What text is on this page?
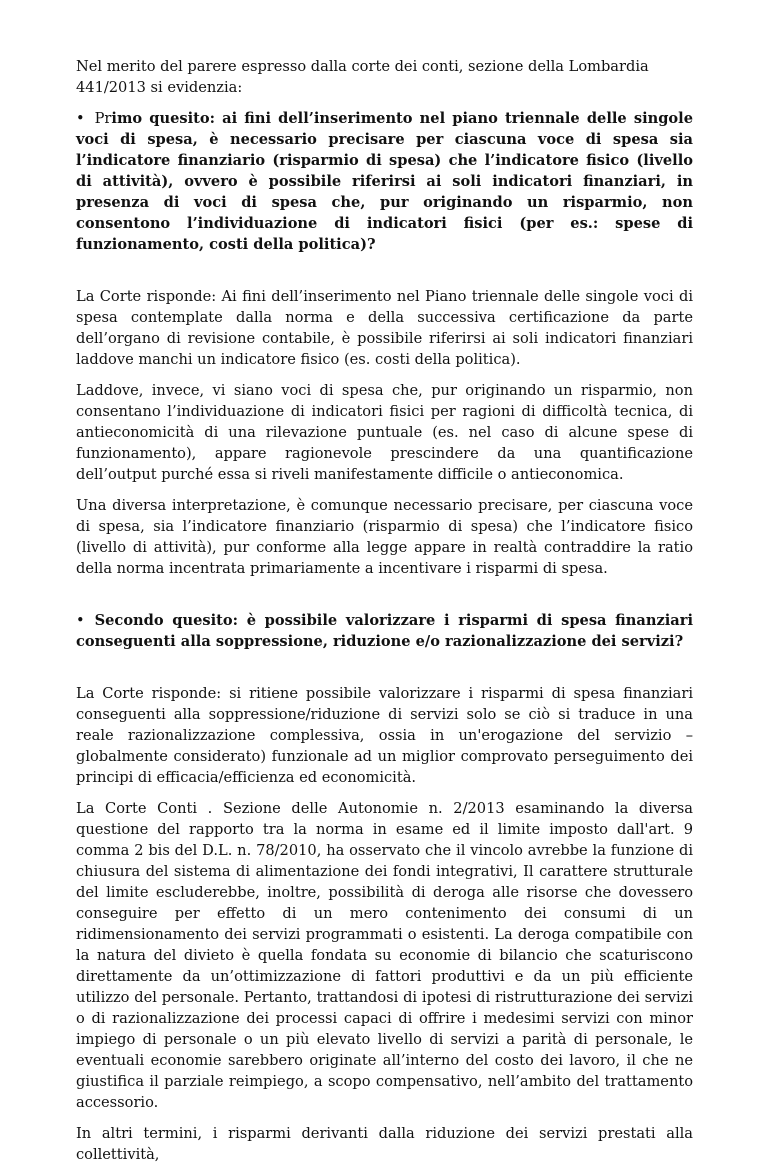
Nel merito del parere espresso dalla corte dei conti, sezione della Lombardia 441/2013 si evidenzia:

• Primo quesito: ai fini dell’inserimento nel piano triennale delle singole voci di spesa, è necessario precisare per ciascuna voce di spesa sia l’indicatore finanziario (risparmio di spesa) che l’indicatore fisico (livello di attività), ovvero è possibile riferirsi ai soli indicatori finanziari, in presenza di voci di spesa che, pur originando un risparmio, non consentono l’individuazione di indicatori fisici (per es.: spese di funzionamento, costi della politica)?

La Corte risponde: Ai fini dell’inserimento nel Piano triennale delle singole voci di spesa contemplate dalla norma e della successiva certificazione da parte dell’organo di revisione contabile, è possibile riferirsi ai soli indicatori finanziari laddove manchi un indicatore fisico (es. costi della politica).

Laddove, invece, vi siano voci di spesa che, pur originando un risparmio, non consentano l’individuazione di indicatori fisici per ragioni di difficoltà tecnica, di antieconomicità di una rilevazione puntuale (es. nel caso di alcune spese di funzionamento), appare ragionevole prescindere da una quantificazione dell’output purché essa si riveli manifestamente difficile o antieconomica.

Una diversa interpretazione, è comunque necessario precisare, per ciascuna voce di spesa, sia l’indicatore finanziario (risparmio di spesa) che l’indicatore fisico (livello di attività), pur conforme alla legge appare in realtà contraddire la ratio della norma incentrata primariamente a incentivare i risparmi di spesa.

• Secondo quesito: è possibile valorizzare i risparmi di spesa finanziari conseguenti alla soppressione, riduzione e/o razionalizzazione dei servizi?

La Corte risponde: si ritiene possibile valorizzare i risparmi di spesa finanziari conseguenti alla soppressione/riduzione di servizi solo se ciò si traduce in una reale razionalizzazione complessiva, ossia in un'erogazione del servizio – globalmente considerato) funzionale ad un miglior comprovato perseguimento dei principi di efficacia/efficienza ed economicità.

La Corte Conti . Sezione delle Autonomie n. 2/2013 esaminando la diversa questione del rapporto tra la norma in esame ed il limite imposto dall'art. 9 comma 2 bis del D.L. n. 78/2010, ha osservato che il vincolo avrebbe la funzione di chiusura del sistema di alimentazione dei fondi integrativi, Il carattere strutturale del limite escluderebbe, inoltre, possibilità di deroga alle risorse che dovessero conseguire per effetto di un mero contenimento dei consumi di un ridimensionamento dei servizi programmati o esistenti. La deroga compatibile con la natura del divieto è quella fondata su economie di bilancio che scaturiscono direttamente da un’ottimizzazione di fattori produttivi e da un più efficiente utilizzo del personale. Pertanto, trattandosi di ipotesi di ristrutturazione dei servizi o di razionalizzazione dei processi capaci di offrire i medesimi servizi con minor impiego di personale o un più elevato livello di servizi a parità di personale, le eventuali economie sarebbero originate all’interno del costo dei lavoro, il che ne giustifica il parziale reimpiego, a scopo compensativo, nell’ambito del trattamento accessorio.

In altri termini, i risparmi derivanti dalla riduzione dei servizi prestati alla collettività,
